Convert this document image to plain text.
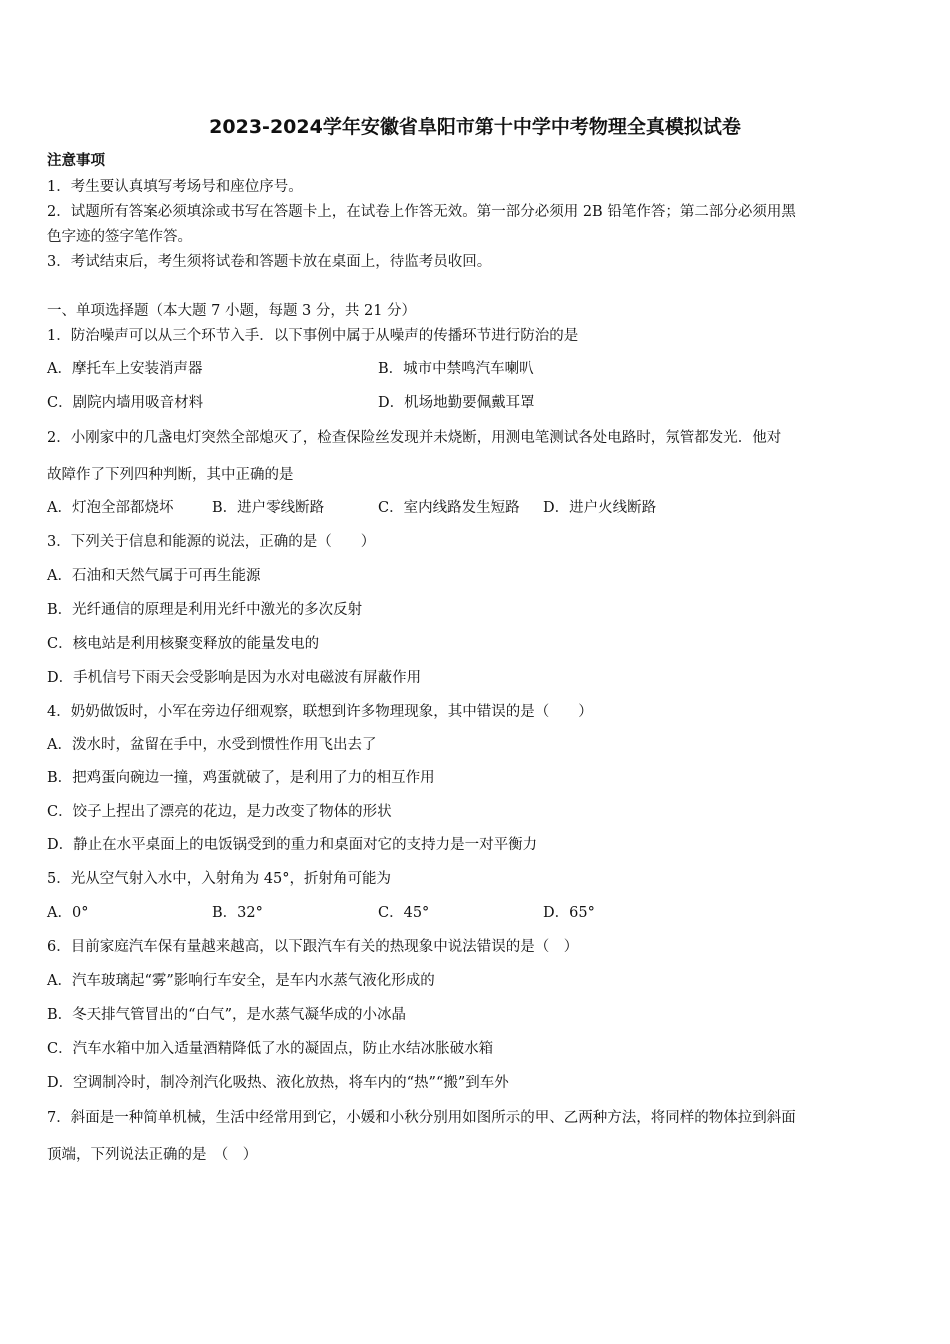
2023-2024学年安徽省阜阳市第十中学中考物理全真模拟试卷
注意事项
1．考生要认真填写考场号和座位序号。
2．试题所有答案必须填涂或书写在答题卡上，在试卷上作答无效。第一部分必须用 2B 铅笔作答；第二部分必须用黑
色字迹的签字笔作答。
3．考试结束后，考生须将试卷和答题卡放在桌面上，待监考员收回。
一、单项选择题（本大题 7 小题，每题 3 分，共 21 分）
1．防治噪声可以从三个环节入手．以下事例中属于从噪声的传播环节进行防治的是
A．摩托车上安装消声器	B．城市中禁鸣汽车喇叭
C．剧院内墙用吸音材料	D．机场地勤要佩戴耳罩
2．小刚家中的几盏电灯突然全部熄灭了，检查保险丝发现并未烧断，用测电笔测试各处电路时，氖管都发光．他对
故障作了下列四种判断，其中正确的是
A．灯泡全部都烧坏	B．进户零线断路	C．室内线路发生短路 D．进户火线断路
3．下列关于信息和能源的说法，正确的是（　　）
A．石油和天然气属于可再生能源
B．光纤通信的原理是利用光纤中激光的多次反射
C．核电站是利用核聚变释放的能量发电的
D．手机信号下雨天会受影响是因为水对电磁波有屏蔽作用
4．奶奶做饭时，小军在旁边仔细观察，联想到许多物理现象，其中错误的是（　　）
A．泼水时，盆留在手中，水受到惯性作用飞出去了
B．把鸡蛋向碗边一撞，鸡蛋就破了，是利用了力的相互作用
C．饺子上捏出了漂亮的花边，是力改变了物体的形状
D．静止在水平桌面上的电饭锅受到的重力和桌面对它的支持力是一对平衡力
5．光从空气射入水中，入射角为 45°，折射角可能为
A．0°	B．32°	C．45°	D．65°
6．目前家庭汽车保有量越来越高，以下跟汽车有关的热现象中说法错误的是（　）
A．汽车玻璃起“雾”影响行车安全，是车内水蒸气液化形成的
B．冬天排气管冒出的“白气”，是水蒸气凝华成的小冰晶
C．汽车水箱中加入适量酒精降低了水的凝固点，防止水结冰胀破水箱
D．空调制冷时，制冷剂汽化吸热、液化放热，将车内的“热”“搬”到车外
7．斜面是一种简单机械，生活中经常用到它，小媛和小秋分别用如图所示的甲、乙两种方法，将同样的物体拉到斜面
顶端，下列说法正确的是　（　）
